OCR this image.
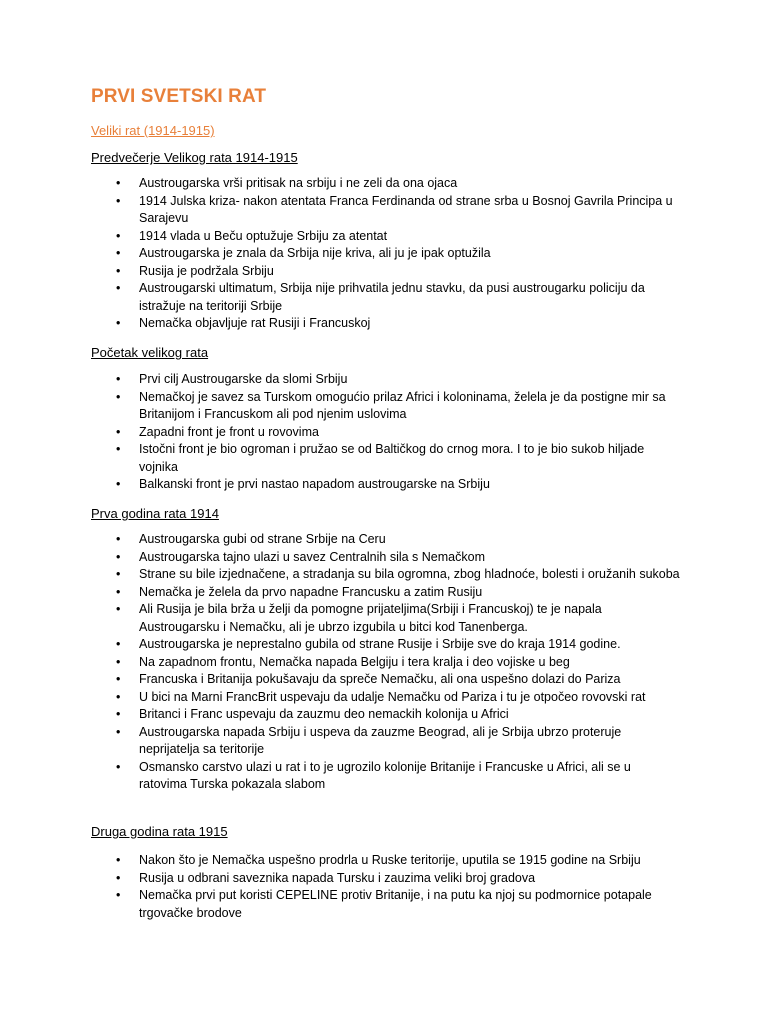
PRVI SVETSKI RAT
Veliki rat (1914-1915)
Predvečerje Velikog rata 1914-1915
• Austrougarska vrši pritisak na srbiju i ne zeli da ona ojaca
• 1914 Julska kriza- nakon atentata Franca Ferdinanda od strane srba u Bosnoj Gavrila Principa u Sarajevu
• 1914 vlada u Beču optužuje Srbiju za atentat
• Austrougarska je znala da Srbija nije kriva, ali ju je ipak optužila
• Rusija je podržala Srbiju
• Austrougarski ultimatum, Srbija nije prihvatila jednu stavku, da pusi austrougarku policiju da istražuje na teritoriji Srbije
• Nemačka objavljuje rat Rusiji i Francuskoj
Početak velikog rata
• Prvi cilj Austrougarske da slomi Srbiju
• Nemačkoj je savez sa Turskom omogućio prilaz Africi i koloninama, želela je da postigne mir sa Britanijom i Francuskom ali pod njenim uslovima
• Zapadni front je front u rovovima
• Istočni front je bio ogroman i pružao se od Baltičkog do crnog mora. I to je bio sukob hiljade vojnika
• Balkanski front je prvi nastao napadom austrougarske na Srbiju
Prva godina rata 1914
• Austrougarska gubi od strane Srbije na Ceru
• Austrougarska tajno ulazi u savez Centralnih sila s Nemačkom
• Strane su bile izjednačene, a stradanja su bila ogromna, zbog hladnoće, bolesti i oružanih sukoba
• Nemačka je želela da prvo napadne Francusku a zatim Rusiju
• Ali Rusija je bila brža u želji da pomogne prijateljima(Srbiji i Francuskoj) te je napala Austrougarsku i Nemačku, ali je ubrzo izgubila u bitci kod Tanenberga.
• Austrougarska je neprestalno gubila od strane Rusije i Srbije sve do kraja 1914 godine.
• Na zapadnom frontu, Nemačka napada Belgiju i tera kralja i deo vojiske u beg
• Francuska i Britanija pokušavaju da spreče Nemačku, ali ona uspešno dolazi do Pariza
• U bici na Marni FrancBrit uspevaju da udalje Nemačku od Pariza i tu je otpočeo rovovski rat
• Britanci i Franc uspevaju da zauzmu deo nemackih kolonija u Africi
• Austrougarska napada Srbiju i uspeva da zauzme Beograd, ali je Srbija ubrzo proteruje neprijatelja sa teritorije
• Osmansko carstvo ulazi u rat i to je ugrozilo kolonije Britanije i Francuske u Africi, ali se u ratovima Turska pokazala slabom
Druga godina rata 1915
• Nakon što je Nemačka uspešno prodrla u Ruske teritorije, uputila se 1915 godine na Srbiju
• Rusija u odbrani saveznika napada Tursku i zauzima veliki broj gradova
• Nemačka prvi put koristi CEPELINE protiv Britanije, i na putu ka njoj su podmornice potapale trgovačke brodove
